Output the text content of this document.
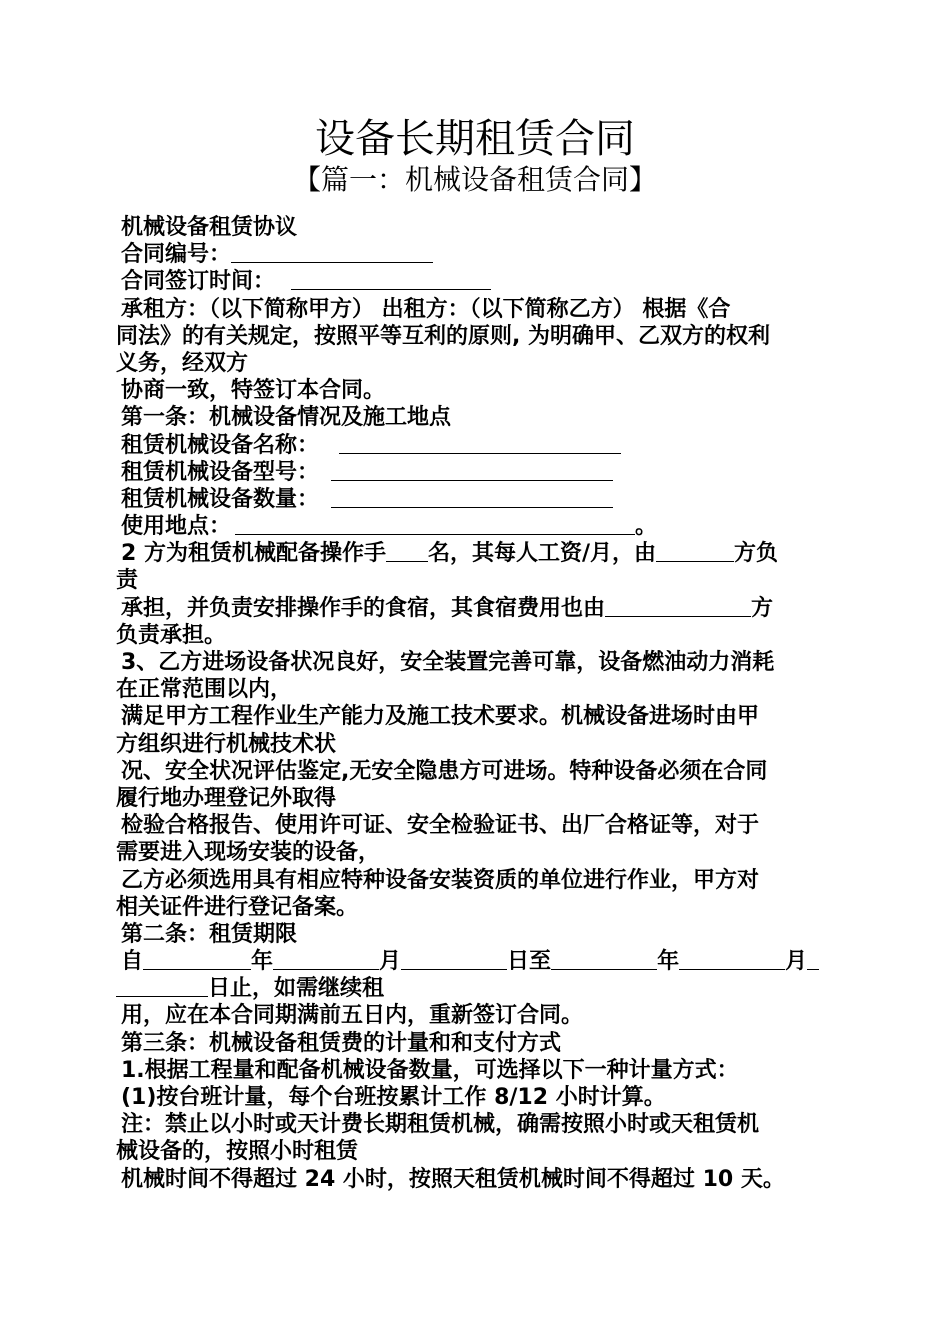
设备长期租赁合同
【篇一：机械设备租赁合同】
机械设备租赁协议
合同编号：
合同签订时间：
承租方：（以下简称甲方） 出租方：（以下简称乙方） 根据《合
同法》的有关规定，按照平等互利的原则, 为明确甲、乙双方的权利
义务，经双方
协商一致，特签订本合同。
第一条：机械设备情况及施工地点
租赁机械设备名称：
租赁机械设备型号：
租赁机械设备数量：
使用地点：	。
2 方为租赁机械配备操作手 名，其每人工资/月，由	方负
责
承担，并负责安排操作手的食宿，其食宿费用也由	方
负责承担。
3、乙方进场设备状况良好，安全装置完善可靠，设备燃油动力消耗
在正常范围以内，
满足甲方工程作业生产能力及施工技术要求。机械设备进场时由甲
方组织进行机械技术状
况、安全状况评估鉴定,无安全隐患方可进场。特种设备必须在合同
履行地办理登记外取得
检验合格报告、使用许可证、安全检验证书、出厂合格证等，对于
需要进入现场安装的设备，
乙方必须选用具有相应特种设备安装资质的单位进行作业，甲方对
相关证件进行登记备案。
第二条：租赁期限
自	年	月	日至	年	月
日止，如需继续租
用，应在本合同期满前五日内，重新签订合同。
第三条：机械设备租赁费的计量和和支付方式
1.根据工程量和配备机械设备数量，可选择以下一种计量方式：
(1)按台班计量，每个台班按累计工作 8/12 小时计算。
注：禁止以小时或天计费长期租赁机械，确需按照小时或天租赁机
械设备的，按照小时租赁
机械时间不得超过 24 小时，按照天租赁机械时间不得超过 10 天。
